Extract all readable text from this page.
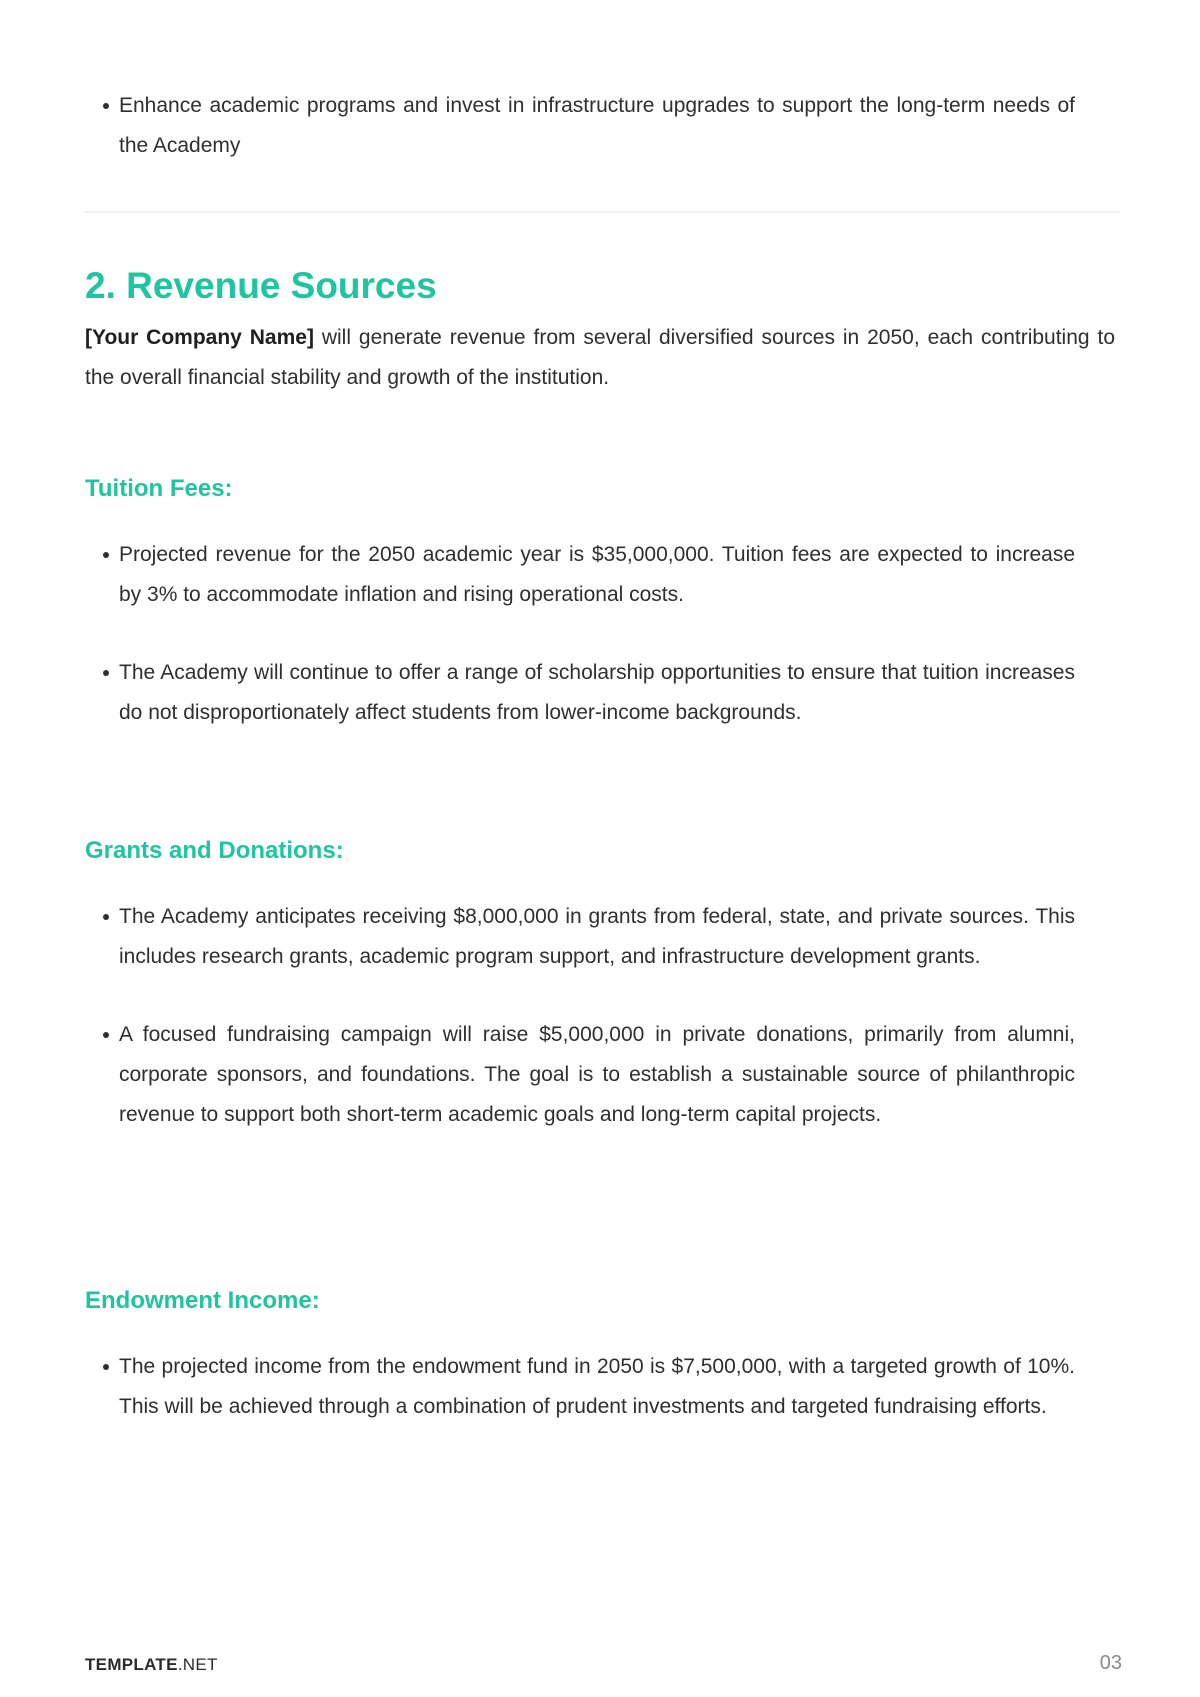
Enhance academic programs and invest in infrastructure upgrades to support the long-term needs of the Academy
2. Revenue Sources

[Your Company Name] will generate revenue from several diversified sources in 2050, each contributing to the overall financial stability and growth of the institution.

Tuition Fees:
Projected revenue for the 2050 academic year is $35,000,000. Tuition fees are expected to increase by 3% to accommodate inflation and rising operational costs.
The Academy will continue to offer a range of scholarship opportunities to ensure that tuition increases do not disproportionately affect students from lower-income backgrounds.
Grants and Donations:
The Academy anticipates receiving $8,000,000 in grants from federal, state, and private sources. This includes research grants, academic program support, and infrastructure development grants.
A focused fundraising campaign will raise $5,000,000 in private donations, primarily from alumni, corporate sponsors, and foundations. The goal is to establish a sustainable source of philanthropic revenue to support both short-term academic goals and long-term capital projects.
Endowment Income:
The projected income from the endowment fund in 2050 is $7,500,000, with a targeted growth of 10%. This will be achieved through a combination of prudent investments and targeted fundraising efforts.
TEMPLATE.NET	03
